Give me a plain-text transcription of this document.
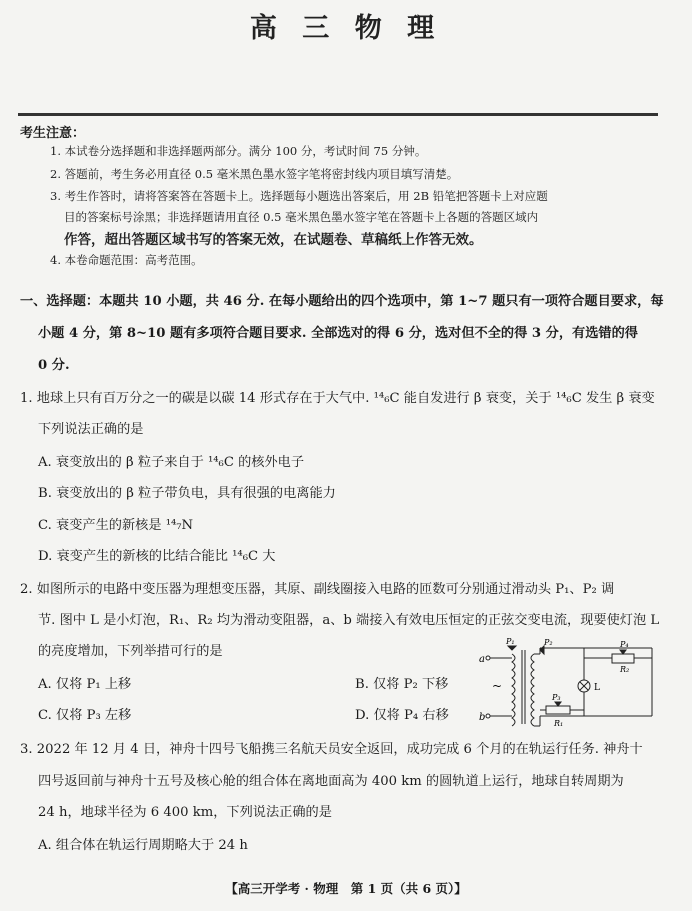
高 三 物 理
考生注意：
1. 本试卷分选择题和非选择题两部分。满分 100 分，考试时间 75 分钟。
2. 答题前，考生务必用直径 0.5 毫米黑色墨水签字笔将密封线内项目填写清楚。
3. 考生作答时，请将答案答在答题卡上。选择题每小题选出答案后，用 2B 铅笔把答题卡上对应题
目的答案标号涂黑；非选择题请用直径 0.5 毫米黑色墨水签字笔在答题卡上各题的答题区域内
作答，超出答题区域书写的答案无效，在试题卷、草稿纸上作答无效。
4. 本卷命题范围：高考范围。
一、选择题：本题共 10 小题，共 46 分. 在每小题给出的四个选项中，第 1~7 题只有一项符合题目要求，每
小题 4 分，第 8~10 题有多项符合题目要求. 全部选对的得 6 分，选对但不全的得 3 分，有选错的得
0 分.
1. 地球上只有百万分之一的碳是以碳 14 形式存在于大气中. ¹⁴₆C 能自发进行 β 衰变，关于 ¹⁴₆C 发生 β 衰变
下列说法正确的是
A. 衰变放出的 β 粒子来自于 ¹⁴₆C 的核外电子
B. 衰变放出的 β 粒子带负电，具有很强的电离能力
C. 衰变产生的新核是 ¹⁴₇N
D. 衰变产生的新核的比结合能比 ¹⁴₆C 大
2. 如图所示的电路中变压器为理想变压器，其原、副线圈接入电路的匝数可分别通过滑动头 P₁、P₂ 调
节. 图中 L 是小灯泡，R₁、R₂ 均为滑动变阻器，a、b 端接入有效电压恒定的正弦交变电流，现要使灯泡 L
的亮度增加，下列举措可行的是
A. 仅将 P₁ 上移	B. 仅将 P₂ 下移
C. 仅将 P₃ 左移	D. 仅将 P₄ 右移
a
b
~
P₁	P₂	P₄
R₂
L
P₃
R₁
3. 2022 年 12 月 4 日，神舟十四号飞船携三名航天员安全返回，成功完成 6 个月的在轨运行任务. 神舟十
四号返回前与神舟十五号及核心舱的组合体在离地面高为 400 km 的圆轨道上运行，地球自转周期为
24 h，地球半径为 6 400 km，下列说法正确的是
A. 组合体在轨运行周期略大于 24 h
【高三开学考 · 物理　第 1 页（共 6 页）】
